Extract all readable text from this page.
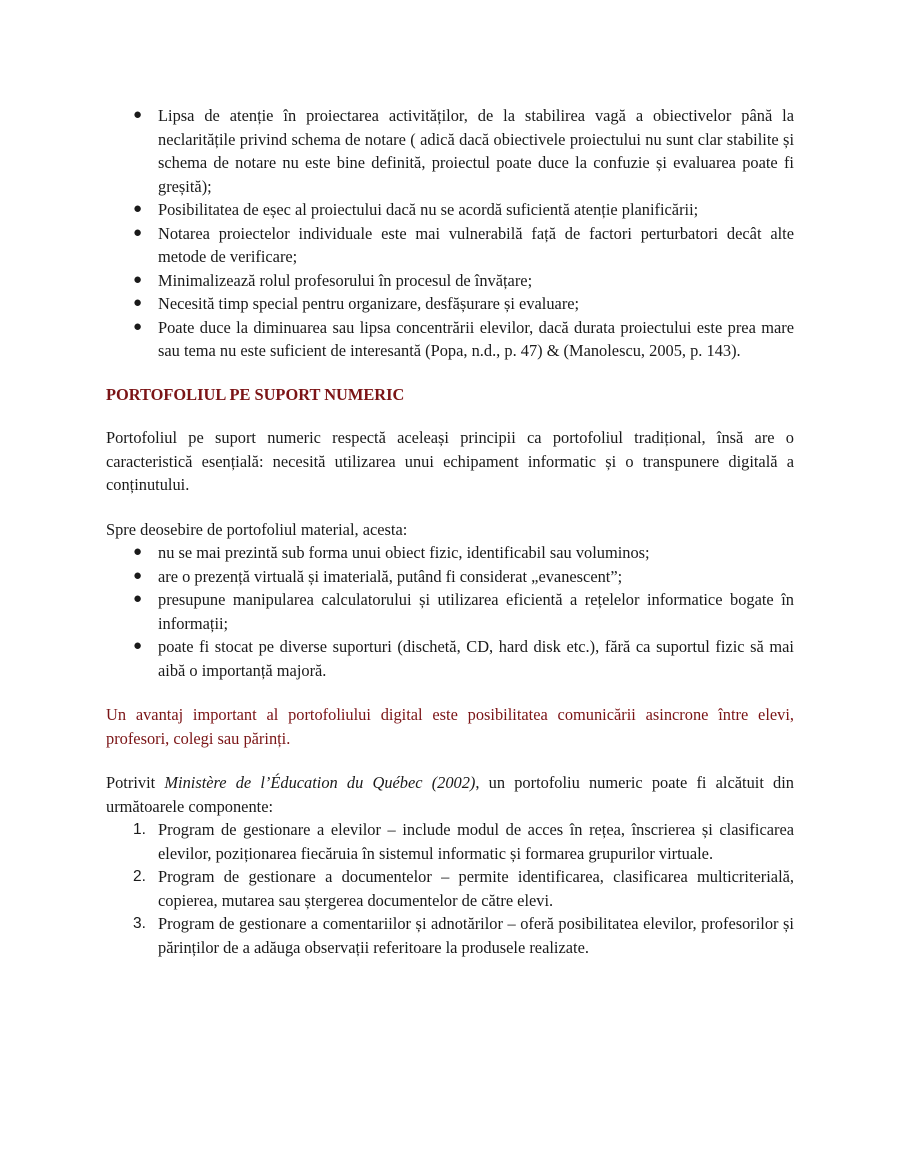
● Lipsa de atenție în proiectarea activităților, de la stabilirea vagă a obiectivelor până la neclaritățile privind schema de notare ( adică dacă obiectivele proiectului nu sunt clar stabilite și schema de notare nu este bine definită, proiectul poate duce la confuzie și evaluarea poate fi greșită);
● Posibilitatea de eșec al proiectului dacă nu se acordă suficientă atenție planificării;
● Notarea proiectelor individuale este mai vulnerabilă față de factori perturbatori decât alte metode de verificare;
● Minimalizează rolul profesorului în procesul de învățare;
● Necesită timp special pentru organizare, desfășurare și evaluare;
● Poate duce la diminuarea sau lipsa concentrării elevilor, dacă durata proiectului este prea mare sau tema nu este suficient de interesantă (Popa, n.d., p. 47) & (Manolescu, 2005, p. 143).
PORTOFOLIUL PE SUPORT NUMERIC

Portofoliul pe suport numeric respectă aceleași principii ca portofoliul tradițional, însă are o caracteristică esențială: necesită utilizarea unui echipament informatic și o transpunere digitală a conținutului.

Spre deosebire de portofoliul material, acesta:

● nu se mai prezintă sub forma unui obiect fizic, identificabil sau voluminos;
● are o prezență virtuală și imaterială, putând fi considerat „evanescent”;
● presupune manipularea calculatorului și utilizarea eficientă a rețelelor informatice bogate în informații;
● poate fi stocat pe diverse suporturi (dischetă, CD, hard disk etc.), fără ca suportul fizic să mai aibă o importanță majoră.

Un avantaj important al portofoliului digital este posibilitatea comunicării asincrone între elevi, profesori, colegi sau părinți.

Potrivit Ministère de l’Éducation du Québec (2002), un portofoliu numeric poate fi alcătuit din următoarele componente:

1. Program de gestionare a elevilor – include modul de acces în rețea, înscrierea și clasificarea elevilor, poziționarea fiecăruia în sistemul informatic și formarea grupurilor virtuale.
2. Program de gestionare a documentelor – permite identificarea, clasificarea multicriterială, copierea, mutarea sau ștergerea documentelor de către elevi.
3. Program de gestionare a comentariilor și adnotărilor – oferă posibilitatea elevilor, profesorilor și părinților de a adăuga observații referitoare la produsele realizate.
